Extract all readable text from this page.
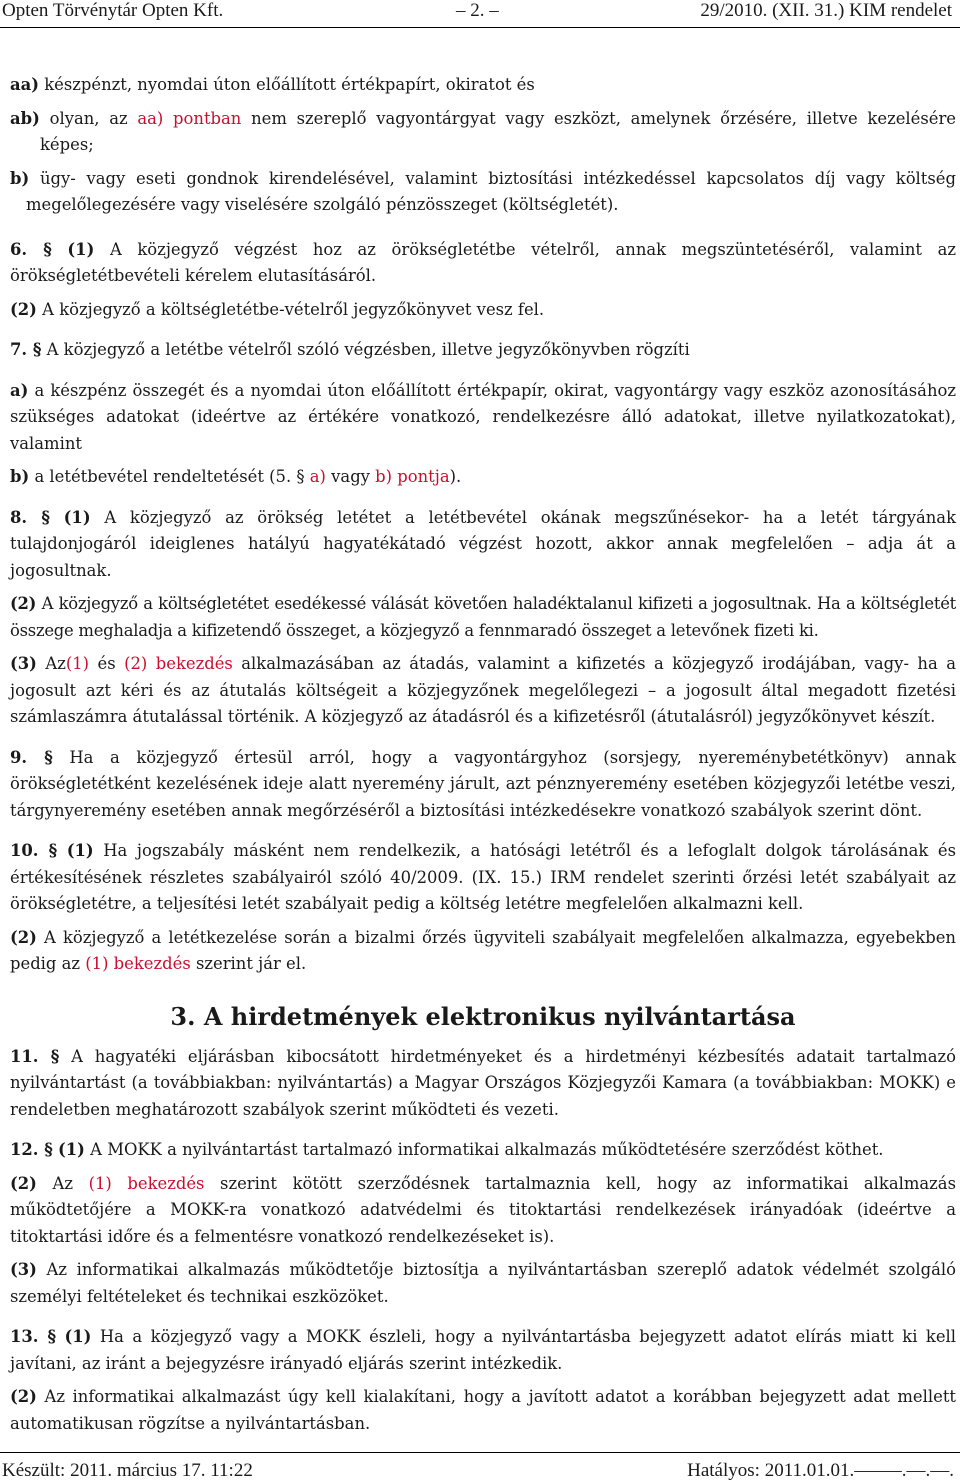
Opten Törvénytár Opten Kft.	– 2. –	29/2010. (XII. 31.) KIM rendelet

aa) készpénzt, nyomdai úton előállított értékpapírt, okiratot és

ab) olyan, az aa) pontban nem szereplő vagyontárgyat vagy eszközt, amelynek őrzésére, illetve kezelésére képes;

b) ügy- vagy eseti gondnok kirendelésével, valamint biztosítási intézkedéssel kapcsolatos díj vagy költség megelőlegezésére vagy viselésére szolgáló pénzösszeget (költségletét).

6. § (1) A közjegyző végzést hoz az örökségletétbe vételről, annak megszüntetéséről, valamint az örökségletétbevételi kérelem elutasításáról.

(2) A közjegyző a költségletétbe-vételről jegyzőkönyvet vesz fel.

7. § A közjegyző a letétbe vételről szóló végzésben, illetve jegyzőkönyvben rögzíti

a) a készpénz összegét és a nyomdai úton előállított értékpapír, okirat, vagyontárgy vagy eszköz azonosításához szükséges adatokat (ideértve az értékére vonatkozó, rendelkezésre álló adatokat, illetve nyilatkozatokat), valamint

b) a letétbevétel rendeltetését (5. § a) vagy b) pontja).

8. § (1) A közjegyző az örökség letétet a letétbevétel okának megszűnésekor- ha a letét tárgyának tulajdonjogáról ideiglenes hatályú hagyatékátadó végzést hozott, akkor annak megfelelően – adja át a jogosultnak.

(2) A közjegyző a költségletétet esedékessé válását követően haladéktalanul kifizeti a jogosultnak. Ha a költségletét összege meghaladja a kifizetendő összeget, a közjegyző a fennmaradó összeget a letevőnek fizeti ki.

(3) Az(1) és (2) bekezdés alkalmazásában az átadás, valamint a kifizetés a közjegyző irodájában, vagy- ha a jogosult azt kéri és az átutalás költségeit a közjegyzőnek megelőlegezi – a jogosult által megadott fizetési számlaszámra átutalással történik. A közjegyző az átadásról és a kifizetésről (átutalásról) jegyzőkönyvet készít.

9. § Ha a közjegyző értesül arról, hogy a vagyontárgyhoz (sorsjegy, nyereménybetétkönyv) annak örökségletétként kezelésének ideje alatt nyeremény járult, azt pénznyeremény esetében közjegyzői letétbe veszi, tárgynyeremény esetében annak megőrzéséről a biztosítási intézkedésekre vonatkozó szabályok szerint dönt.

10. § (1) Ha jogszabály másként nem rendelkezik, a hatósági letétről és a lefoglalt dolgok tárolásának és értékesítésének részletes szabályairól szóló 40/2009. (IX. 15.) IRM rendelet szerinti őrzési letét szabályait az örökségletétre, a teljesítési letét szabályait pedig a költség letétre megfelelően alkalmazni kell.

(2) A közjegyző a letétkezelése során a bizalmi őrzés ügyviteli szabályait megfelelően alkalmazza, egyebekben pedig az (1) bekezdés szerint jár el.

3. A hirdetmények elektronikus nyilvántartása

11. § A hagyatéki eljárásban kibocsátott hirdetményeket és a hirdetményi kézbesítés adatait tartalmazó nyilvántartást (a továbbiakban: nyilvántartás) a Magyar Országos Közjegyzői Kamara (a továbbiakban: MOKK) e rendeletben meghatározott szabályok szerint működteti és vezeti.

12. § (1) A MOKK a nyilvántartást tartalmazó informatikai alkalmazás működtetésére szerződést köthet.

(2) Az (1) bekezdés szerint kötött szerződésnek tartalmaznia kell, hogy az informatikai alkalmazás működtetőjére a MOKK-ra vonatkozó adatvédelmi és titoktartási rendelkezések irányadóak (ideértve a titoktartási időre és a felmentésre vonatkozó rendelkezéseket is).

(3) Az informatikai alkalmazás működtetője biztosítja a nyilvántartásban szereplő adatok védelmét szolgáló személyi feltételeket és technikai eszközöket.

13. § (1) Ha a közjegyző vagy a MOKK észleli, hogy a nyilvántartásba bejegyzett adatot elírás miatt ki kell javítani, az iránt a bejegyzésre irányadó eljárás szerint intézkedik.

(2) Az informatikai alkalmazást úgy kell kialakítani, hogy a javított adatot a korábban bejegyzett adat mellett automatikusan rögzítse a nyilvántartásban.

Készült: 2011. március 17. 11:22	Hatályos: 2011.01.01.–––––.––.––.
